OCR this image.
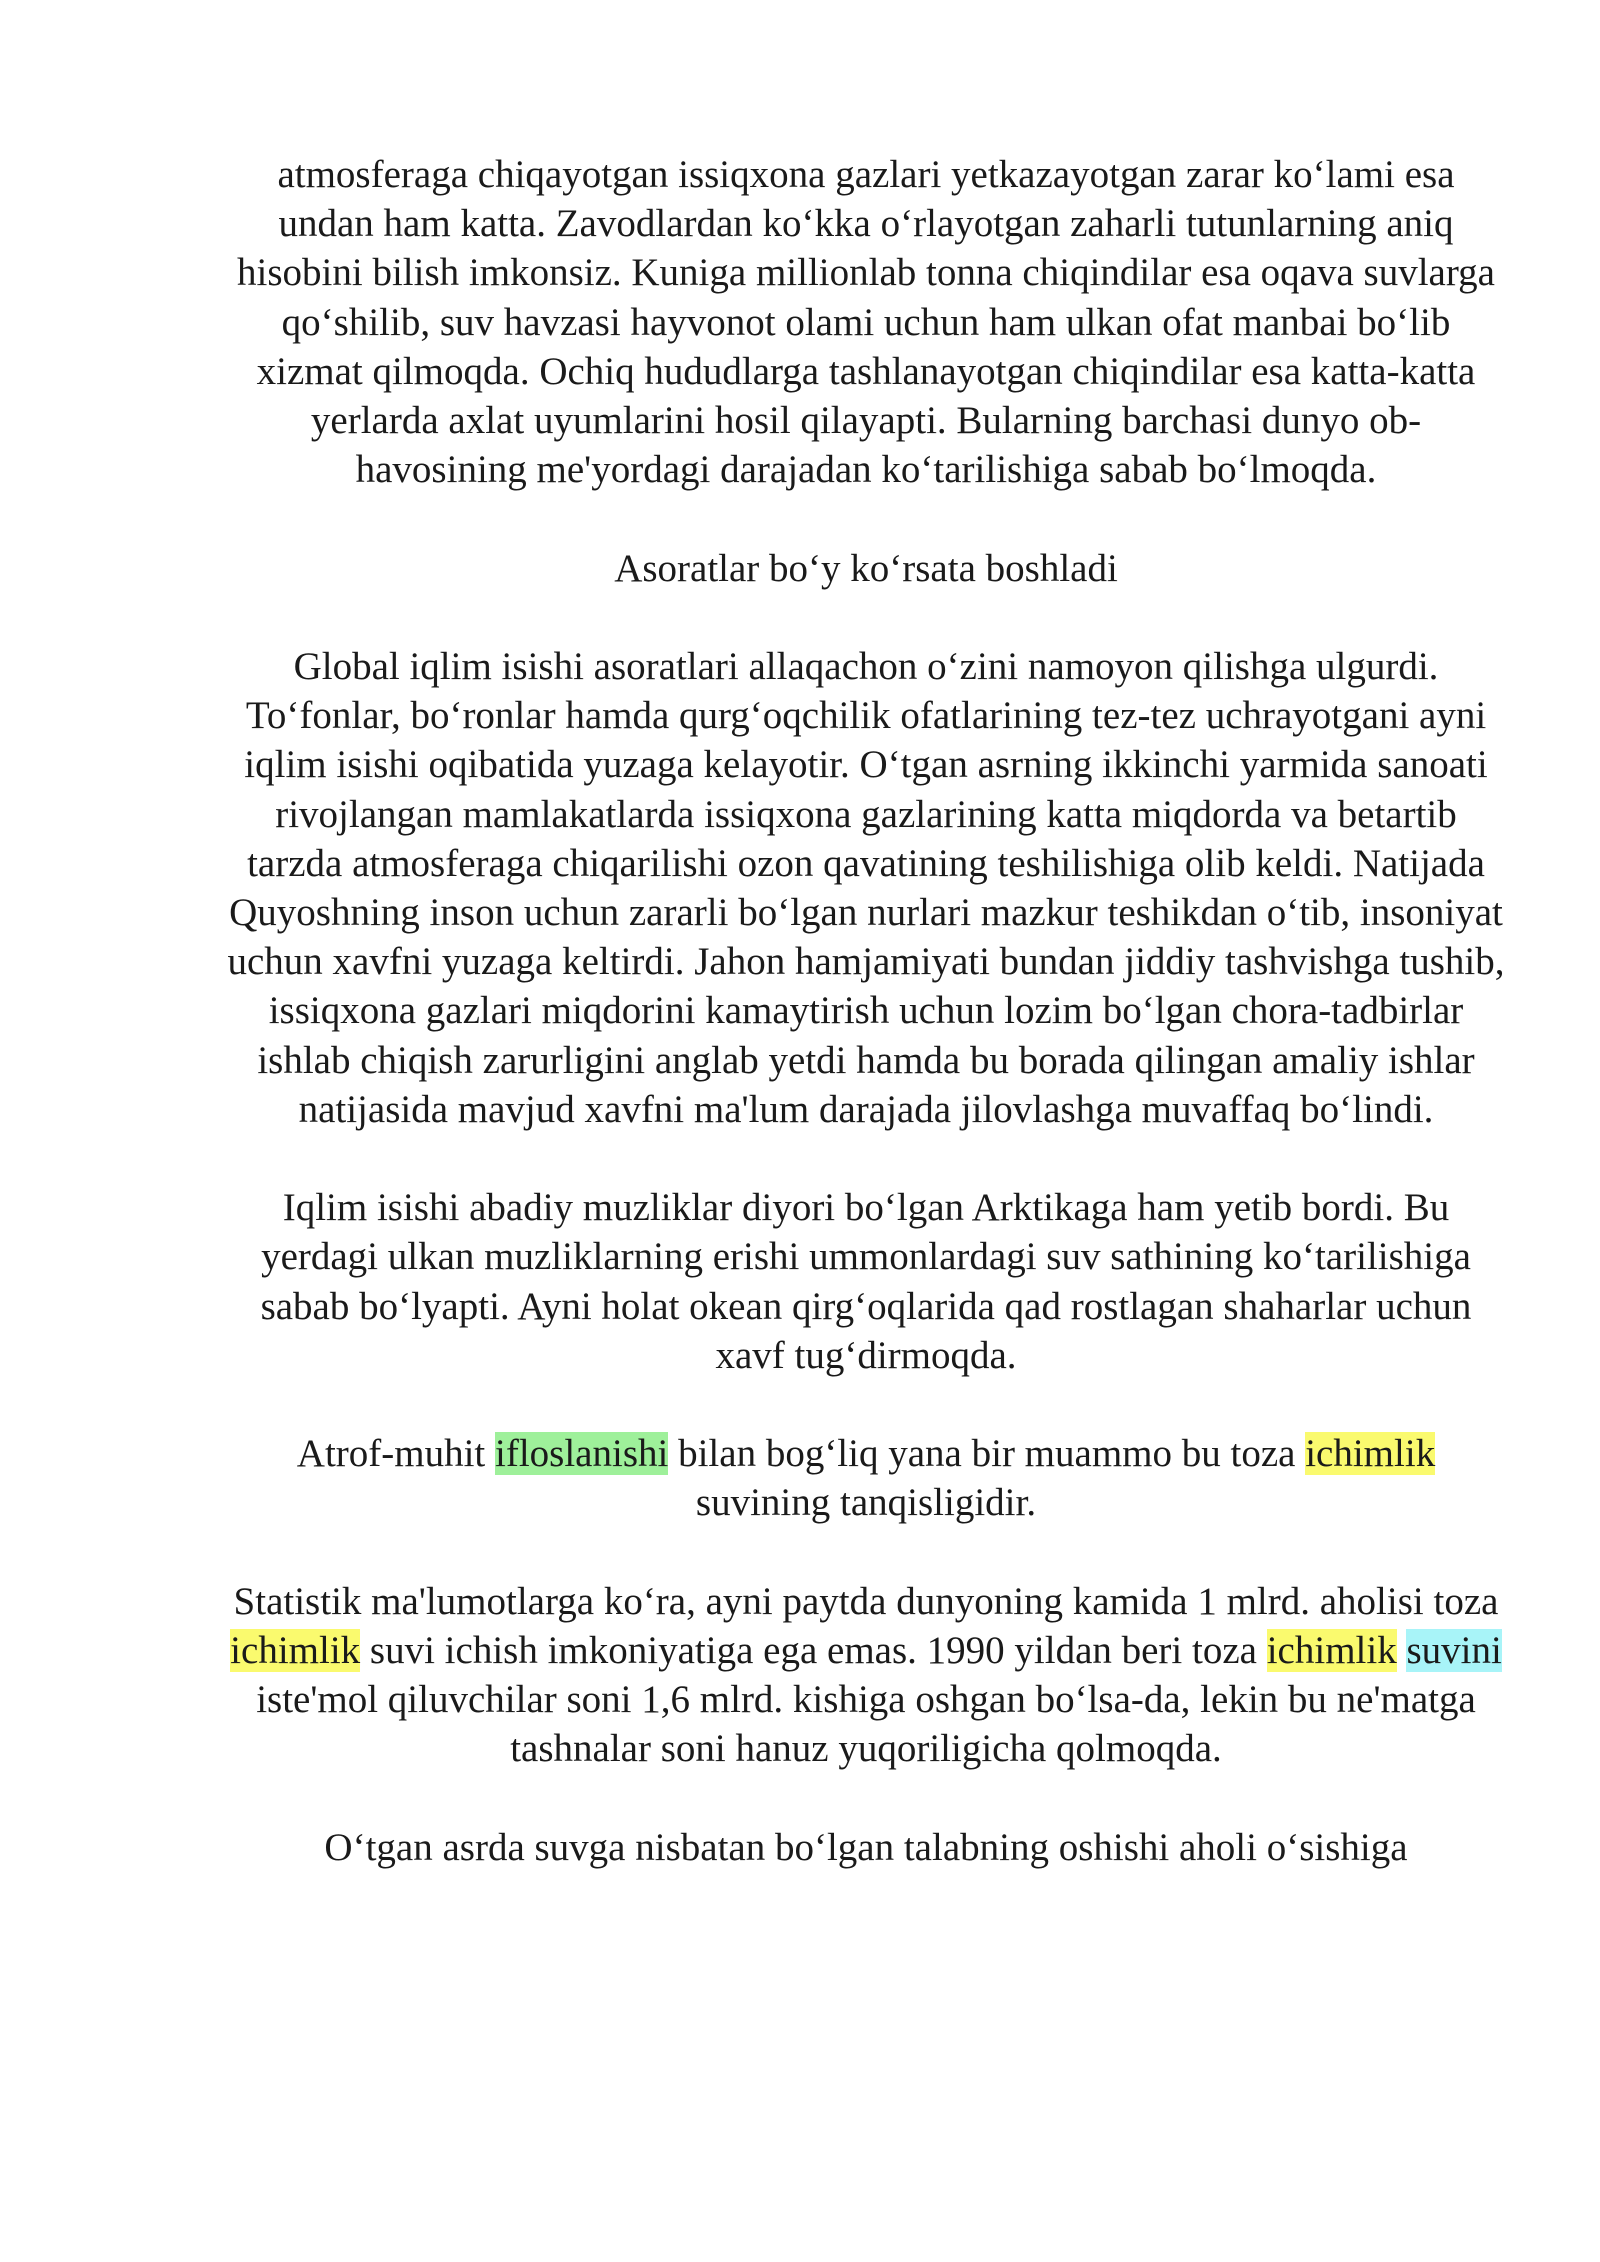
atmosferaga chiqayotgan issiqxona gazlari yetkazayotgan zarar koʻlami esa undan ham katta. Zavodlardan koʻkka oʻrlayotgan zaharli tutunlarning aniq hisobini bilish imkonsiz. Kuniga millionlab tonna chiqindilar esa oqava suvlarga qoʻshilib, suv havzasi hayvonot olami uchun ham ulkan ofat manbai boʻlib xizmat qilmoqda. Ochiq hududlarga tashlanayotgan chiqindilar esa katta-katta yerlarda axlat uyumlarini hosil qilayapti. Bularning barchasi dunyo ob-havosining me'yordagi darajadan koʻtarilishiga sabab boʻlmoqda.

Asoratlar boʻy koʻrsata boshladi

Global iqlim isishi asoratlari allaqachon oʻzini namoyon qilishga ulgurdi. Toʻfonlar, boʻronlar hamda qurgʻoqchilik ofatlarining tez-tez uchrayotgani ayni iqlim isishi oqibatida yuzaga kelayotir. Oʻtgan asrning ikkinchi yarmida sanoati rivojlangan mamlakatlarda issiqxona gazlarining katta miqdorda va betartib tarzda atmosferaga chiqarilishi ozon qavatining teshilishiga olib keldi. Natijada Quyoshning inson uchun zararli boʻlgan nurlari mazkur teshikdan oʻtib, insoniyat uchun xavfni yuzaga keltirdi. Jahon hamjamiyati bundan jiddiy tashvishga tushib, issiqxona gazlari miqdorini kamaytirish uchun lozim boʻlgan chora-tadbirlar ishlab chiqish zarurligini anglab yetdi hamda bu borada qilingan amaliy ishlar natijasida mavjud xavfni ma'lum darajada jilovlashga muvaffaq boʻlindi.

Iqlim isishi abadiy muzliklar diyori boʻlgan Arktikaga ham yetib bordi. Bu yerdagi ulkan muzliklarning erishi ummonlardagi suv sathining koʻtarilishiga sabab boʻlyapti. Ayni holat okean qirgʻoqlarida qad rostlagan shaharlar uchun xavf tugʻdirmoqda.

Atrof-muhit ifloslanishi bilan bogʻliq yana bir muammo bu toza ichimlik suvining tanqisligidir.

Statistik ma'lumotlarga koʻra, ayni paytda dunyoning kamida 1 mlrd. aholisi toza ichimlik suvi ichish imkoniyatiga ega emas. 1990 yildan beri toza ichimlik suvini iste'mol qiluvchilar soni 1,6 mlrd. kishiga oshgan boʻlsa-da, lekin bu ne'matga tashnalar soni hanuz yuqoriligicha qolmoqda.

Oʻtgan asrda suvga nisbatan boʻlgan talabning oshishi aholi oʻsishiga
